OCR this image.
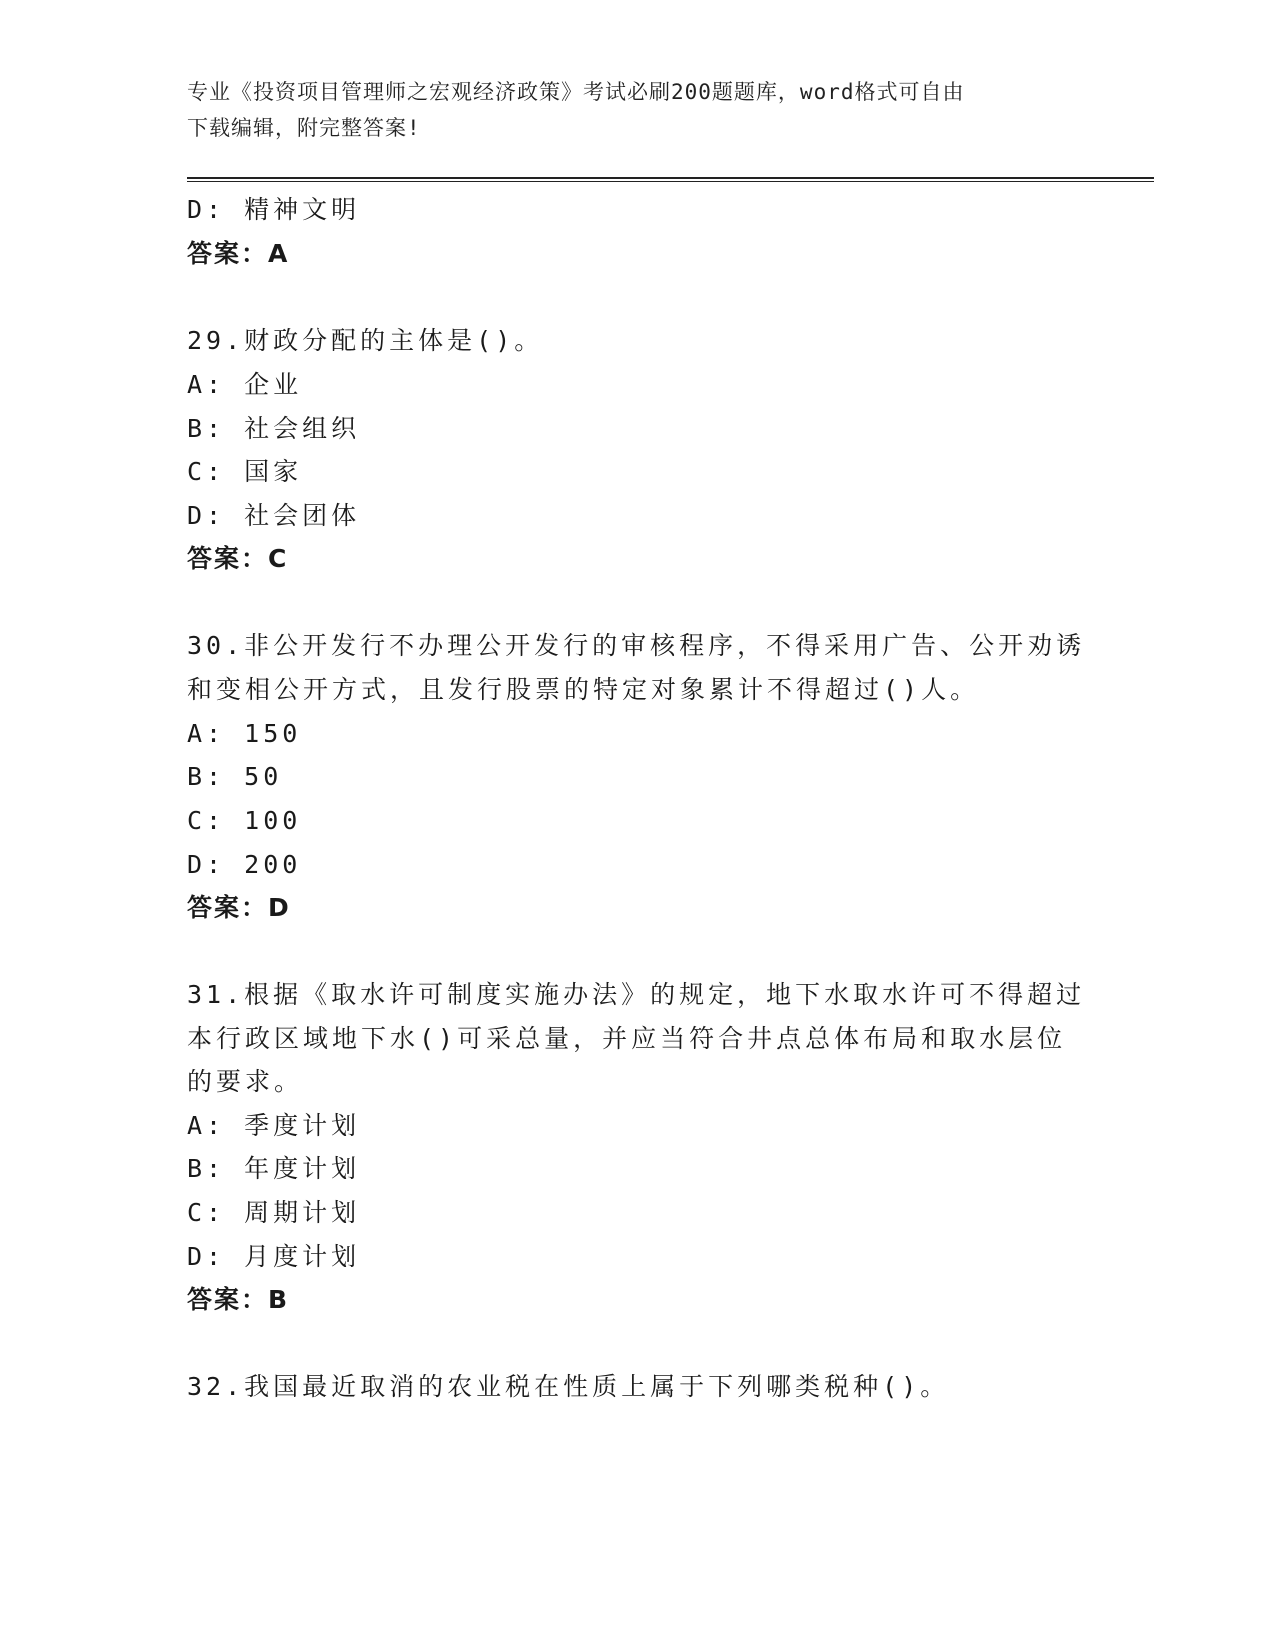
专业《投资项目管理师之宏观经济政策》考试必刷200题题库，word格式可自由
下载编辑，附完整答案!
D: 精神文明
答案：A
29.财政分配的主体是()。
A: 企业
B: 社会组织
C: 国家
D: 社会团体
答案：C
30.非公开发行不办理公开发行的审核程序，不得采用广告、公开劝诱
和变相公开方式，且发行股票的特定对象累计不得超过()人。
A: 150
B: 50
C: 100
D: 200
答案：D
31.根据《取水许可制度实施办法》的规定，地下水取水许可不得超过
本行政区域地下水()可采总量，并应当符合井点总体布局和取水层位
的要求。
A: 季度计划
B: 年度计划
C: 周期计划
D: 月度计划
答案：B
32.我国最近取消的农业税在性质上属于下列哪类税种()。
